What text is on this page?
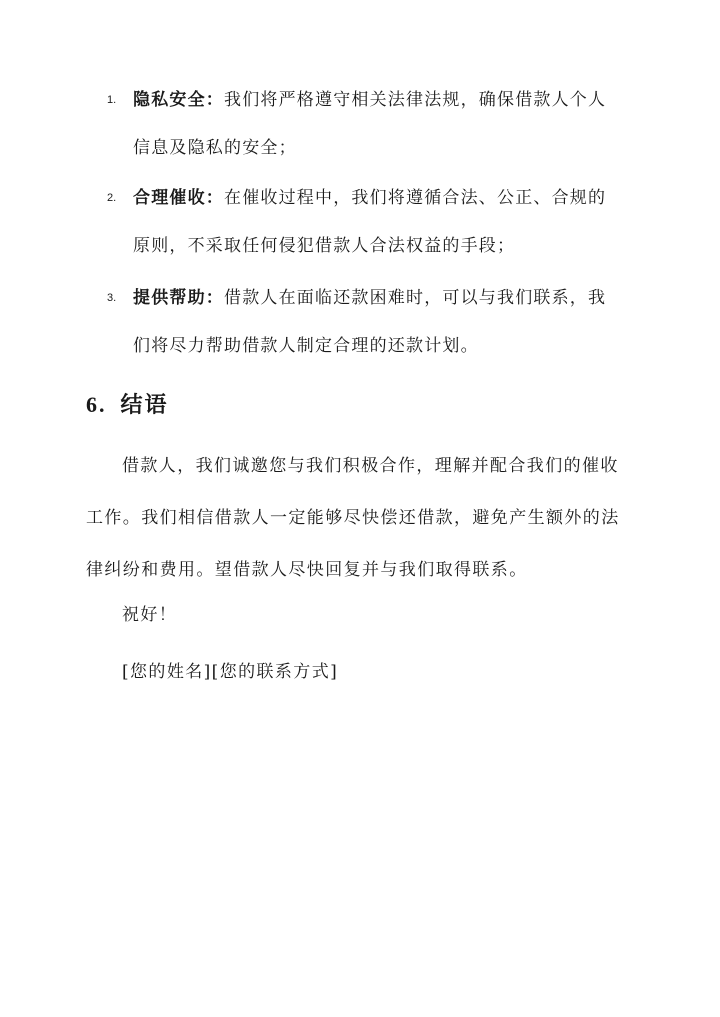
1. 隐私安全：我们将严格遵守相关法律法规，确保借款人个人
信息及隐私的安全；
2. 合理催收：在催收过程中，我们将遵循合法、公正、合规的
原则，不采取任何侵犯借款人合法权益的手段；
3. 提供帮助：借款人在面临还款困难时，可以与我们联系，我
们将尽力帮助借款人制定合理的还款计划。
6. 结语
借款人，我们诚邀您与我们积极合作，理解并配合我们的催收
工作。我们相信借款人一定能够尽快偿还借款，避免产生额外的法
律纠纷和费用。望借款人尽快回复并与我们取得联系。
祝好！
[您的姓名][您的联系方式]
